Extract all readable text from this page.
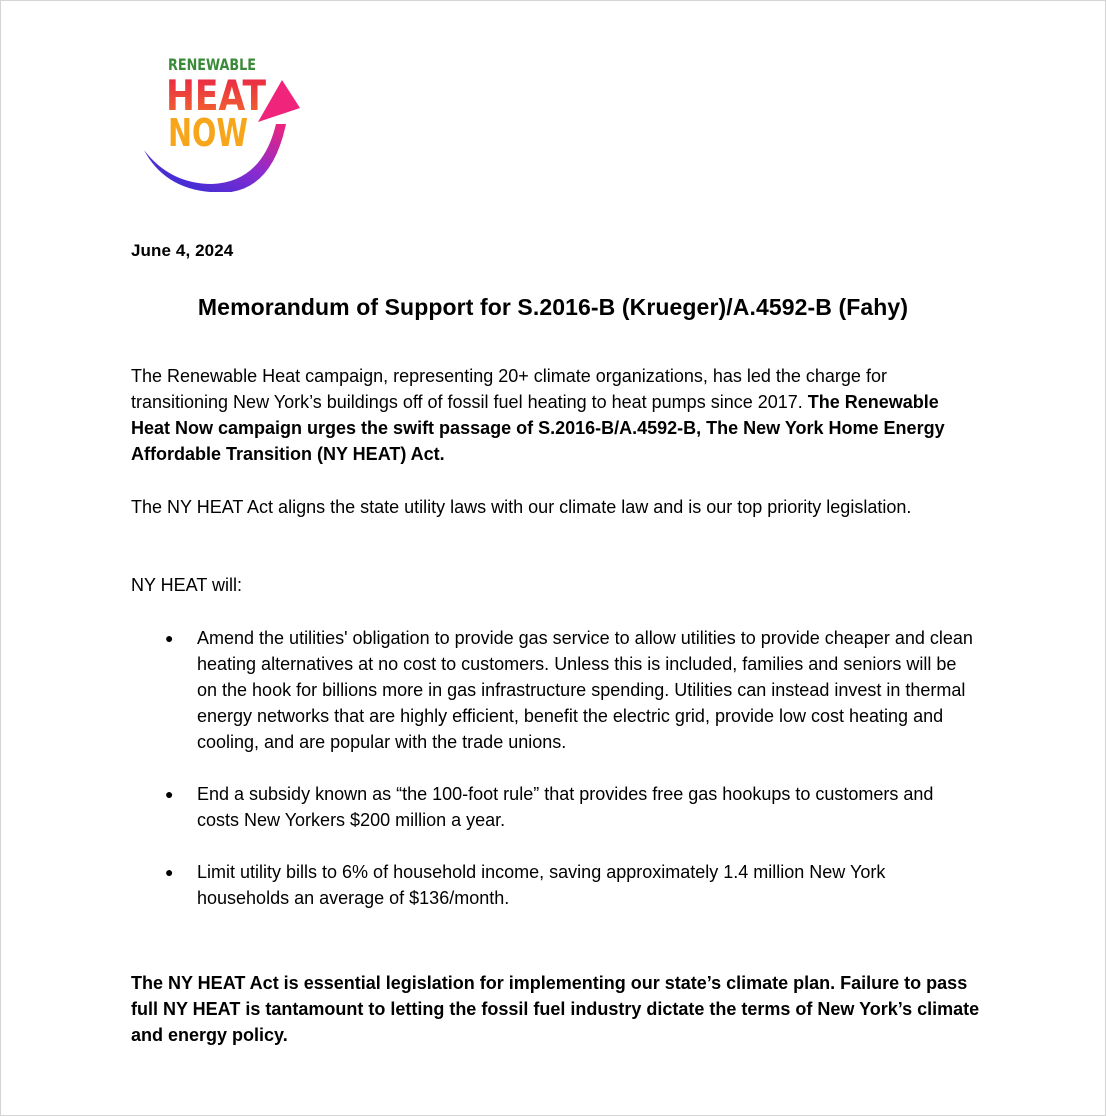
RENEWABLE
HEAT
NOW
June 4, 2024
Memorandum of Support for S.2016-B (Krueger)/A.4592-B (Fahy)
The Renewable Heat campaign, representing 20+ climate organizations, has led the charge for transitioning New York’s buildings off of fossil fuel heating to heat pumps since 2017. The Renewable Heat Now campaign urges the swift passage of S.2016-B/A.4592-B, The New York Home Energy Affordable Transition (NY HEAT) Act.
The NY HEAT Act aligns the state utility laws with our climate law and is our top priority legislation.
NY HEAT will:
● Amend the utilities' obligation to provide gas service to allow utilities to provide cheaper and clean heating alternatives at no cost to customers. Unless this is included, families and seniors will be on the hook for billions more in gas infrastructure spending. Utilities can instead invest in thermal energy networks that are highly efficient, benefit the electric grid, provide low cost heating and cooling, and are popular with the trade unions.
● End a subsidy known as “the 100-foot rule” that provides free gas hookups to customers and costs New Yorkers $200 million a year.
● Limit utility bills to 6% of household income, saving approximately 1.4 million New York households an average of $136/month.
The NY HEAT Act is essential legislation for implementing our state’s climate plan. Failure to pass full NY HEAT is tantamount to letting the fossil fuel industry dictate the terms of New York’s climate and energy policy.
